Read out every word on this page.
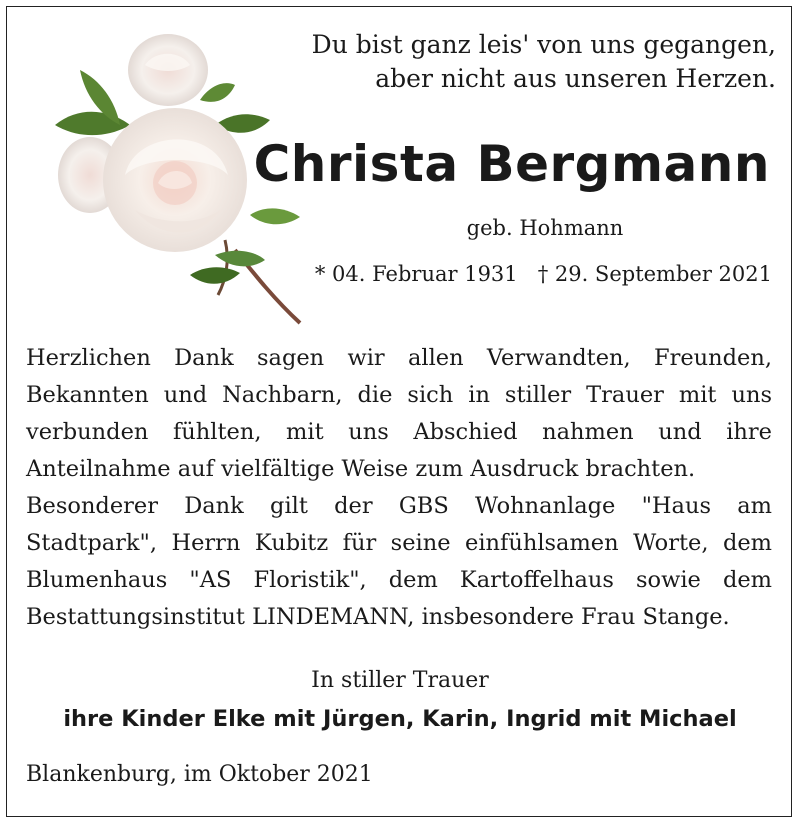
Du bist ganz leis' von uns gegangen,
aber nicht aus unseren Herzen.
Christa Bergmann
geb. Hohmann
* 04. Februar 1931 † 29. September 2021

Herzlichen Dank sagen wir allen Verwandten, Freunden, Bekannten und Nachbarn, die sich in stiller Trauer mit uns verbunden fühlten, mit uns Abschied nahmen und ihre Anteilnahme auf vielfältige Weise zum Ausdruck brachten.

Besonderer Dank gilt der GBS Wohnanlage "Haus am Stadtpark", Herrn Kubitz für seine einfühlsamen Worte, dem Blumenhaus "AS Floristik", dem Kartoffelhaus sowie dem Bestattungsinstitut LINDEMANN, insbesondere Frau Stange.

In stiller Trauer
ihre Kinder Elke mit Jürgen, Karin, Ingrid mit Michael
Blankenburg, im Oktober 2021
